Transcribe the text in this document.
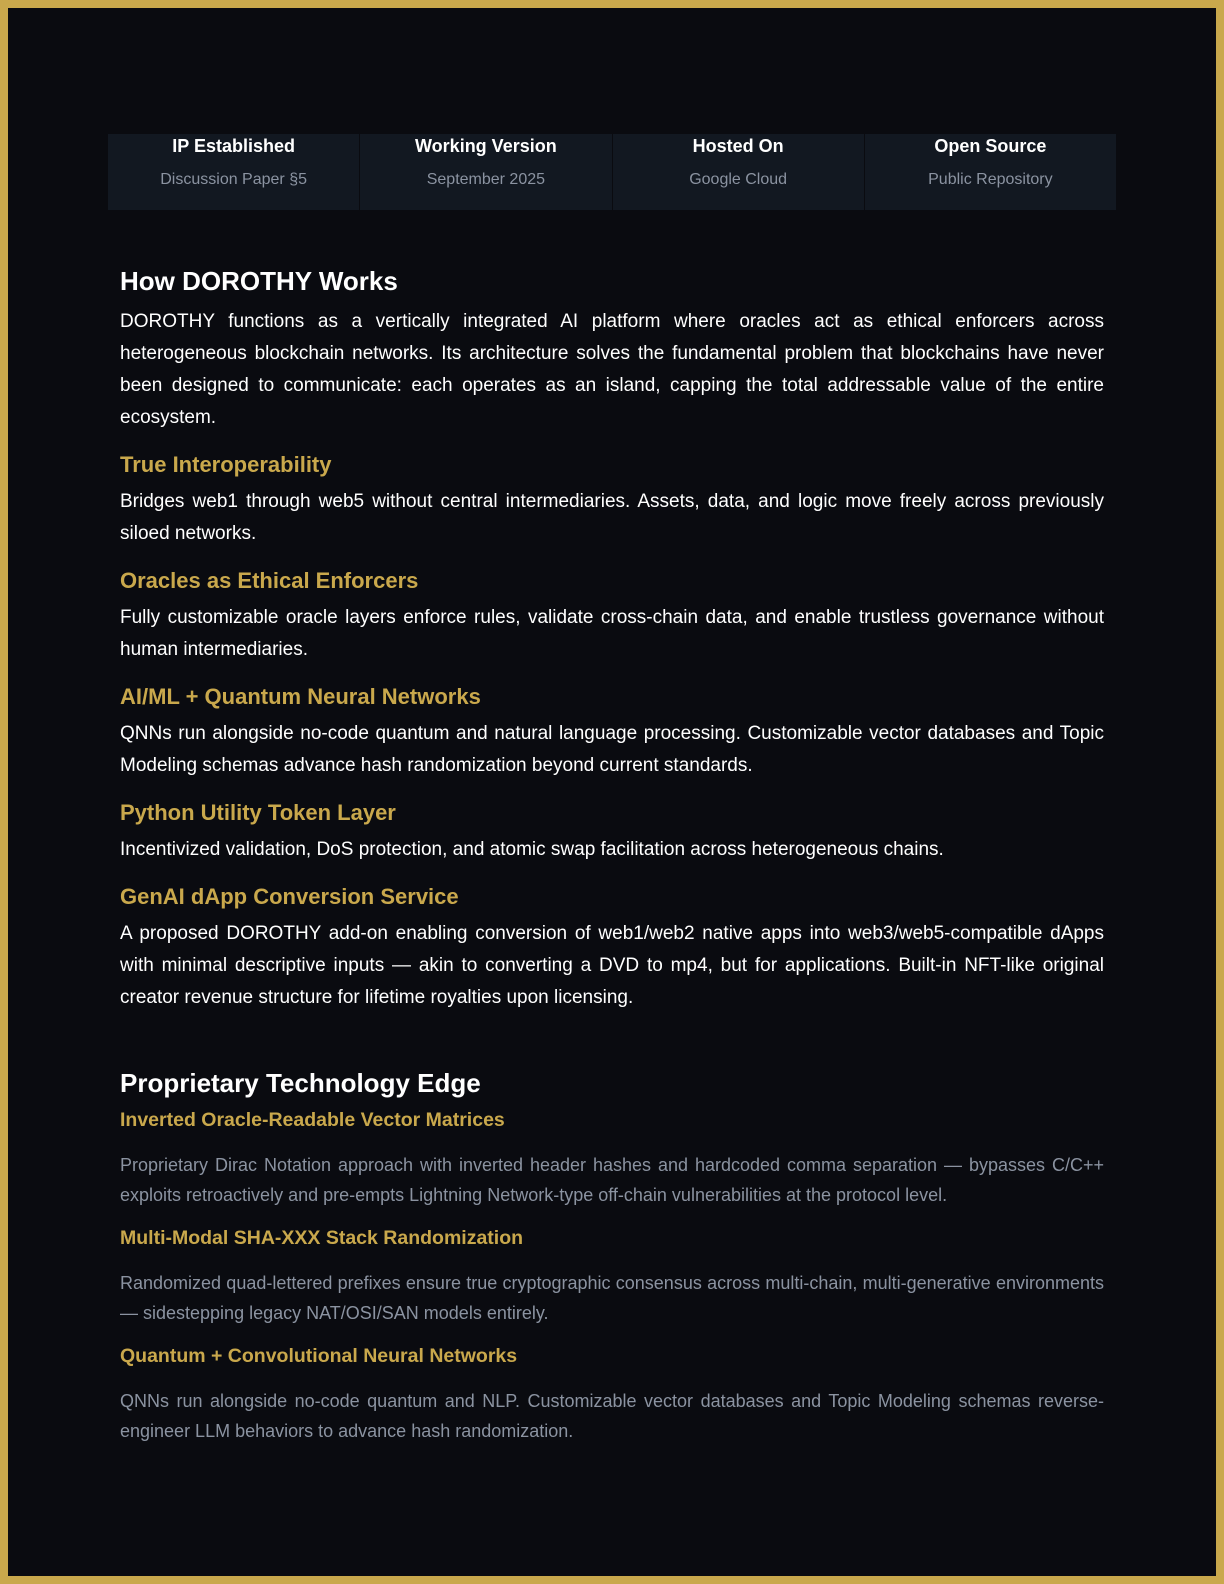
IP Established
Discussion Paper §5
Working Version
September 2025
Hosted On
Google Cloud
Open Source
Public Repository
How DOROTHY Works

DOROTHY functions as a vertically integrated AI platform where oracles act as ethical enforcers across heterogeneous blockchain networks. Its architecture solves the fundamental problem that blockchains have never been designed to communicate: each operates as an island, capping the total addressable value of the entire ecosystem.

True Interoperability

Bridges web1 through web5 without central intermediaries. Assets, data, and logic move freely across previously siloed networks.

Oracles as Ethical Enforcers

Fully customizable oracle layers enforce rules, validate cross-chain data, and enable trustless governance without human intermediaries.

AI/ML + Quantum Neural Networks

QNNs run alongside no-code quantum and natural language processing. Customizable vector databases and Topic Modeling schemas advance hash randomization beyond current standards.

Python Utility Token Layer

Incentivized validation, DoS protection, and atomic swap facilitation across heterogeneous chains.

GenAI dApp Conversion Service

A proposed DOROTHY add-on enabling conversion of web1/web2 native apps into web3/web5-compatible dApps with minimal descriptive inputs — akin to converting a DVD to mp4, but for applications. Built-in NFT-like original creator revenue structure for lifetime royalties upon licensing.

Proprietary Technology Edge
Inverted Oracle-Readable Vector Matrices

Proprietary Dirac Notation approach with inverted header hashes and hardcoded comma separation — bypasses C/C++ exploits retroactively and pre-empts Lightning Network-type off-chain vulnerabilities at the protocol level.

Multi-Modal SHA-XXX Stack Randomization

Randomized quad-lettered prefixes ensure true cryptographic consensus across multi-chain, multi-generative environments — sidestepping legacy NAT/OSI/SAN models entirely.

Quantum + Convolutional Neural Networks

QNNs run alongside no-code quantum and NLP. Customizable vector databases and Topic Modeling schemas reverse-engineer LLM behaviors to advance hash randomization.
